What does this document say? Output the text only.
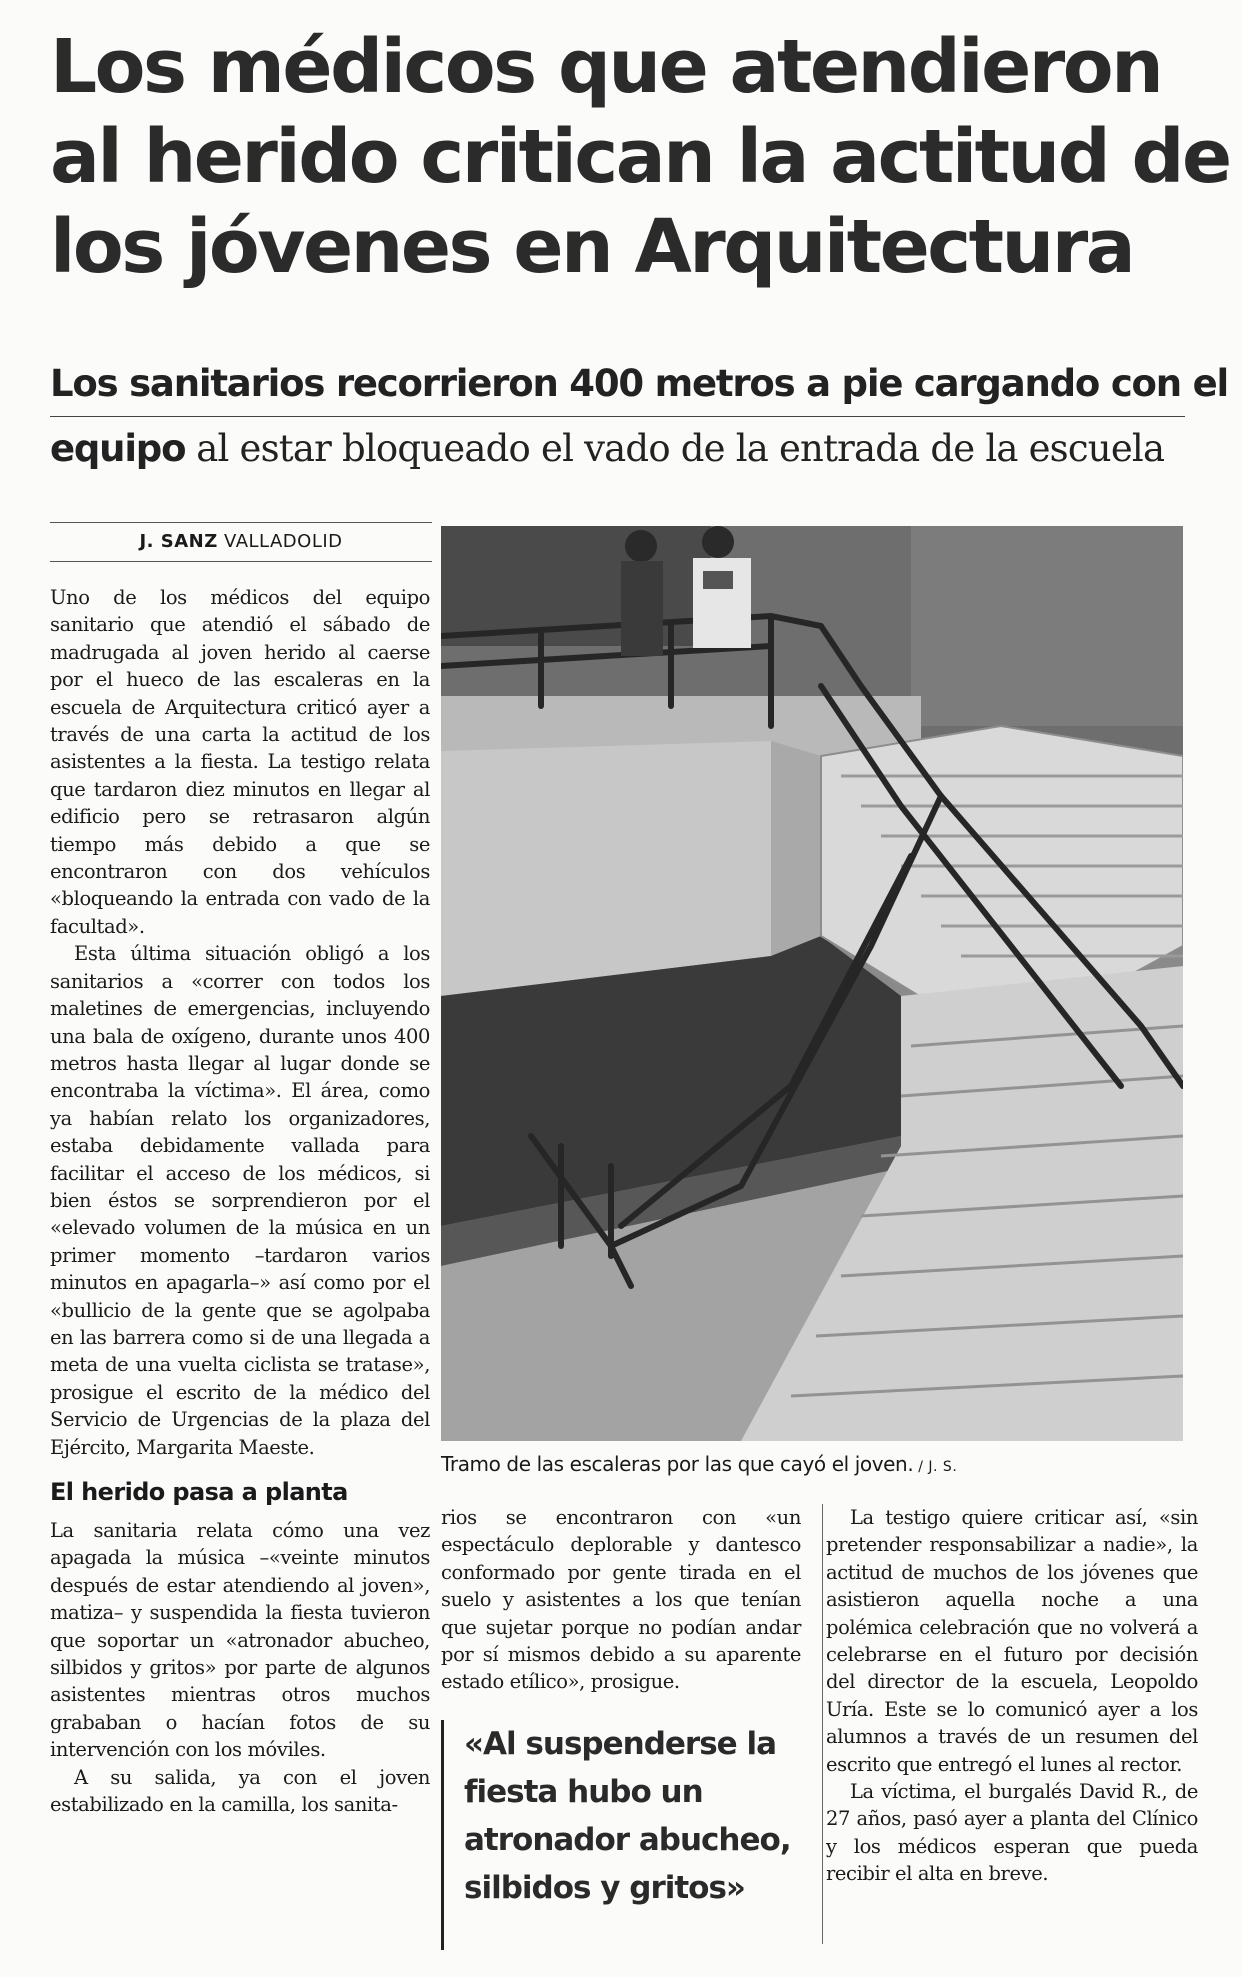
Los médicos que atendieron
al herido critican la actitud de
los jóvenes en Arquitectura
Los sanitarios recorrieron 400 metros a pie cargando con el
equipo al estar bloqueado el vado de la entrada de la escuela
J. SANZ VALLADOLID

Uno de los médicos del equipo sanitario que atendió el sábado de madrugada al joven herido al caerse por el hueco de las escaleras en la escuela de Arquitectura criticó ayer a través de una carta la actitud de los asistentes a la fiesta. La testigo relata que tardaron diez minutos en llegar al edificio pero se retrasaron algún tiempo más debido a que se encontraron con dos vehículos «bloqueando la entrada con vado de la facultad».

Esta última situación obligó a los sanitarios a «correr con todos los maletines de emergencias, incluyendo una bala de oxígeno, durante unos 400 metros hasta llegar al lugar donde se encontraba la víctima». El área, como ya habían relato los organizadores, estaba debidamente vallada para facilitar el acceso de los médicos, si bien éstos se sorprendieron por el «elevado volumen de la música en un primer momento –tardaron varios minutos en apagarla–» así como por el «bullicio de la gente que se agolpaba en las barrera como si de una llegada a meta de una vuelta ciclista se tratase», prosigue el escrito de la médico del Servicio de Urgencias de la plaza del Ejército, Margarita Maeste.

El herido pasa a planta

La sanitaria relata cómo una vez apagada la música –«veinte minutos después de estar atendiendo al joven», matiza– y suspendida la fiesta tuvieron que soportar un «atronador abucheo, silbidos y gritos» por parte de algunos asistentes mientras otros muchos grababan o hacían fotos de su intervención con los móviles.

A su salida, ya con el joven estabilizado en la camilla, los sanita-

Tramo de las escaleras por las que cayó el joven. / J. S.

rios se encontraron con «un espectáculo deplorable y dantesco conformado por gente tirada en el suelo y asistentes a los que tenían que sujetar porque no podían andar por sí mismos debido a su aparente estado etílico», prosigue.

«Al suspenderse la fiesta hubo un atronador abucheo, silbidos y gritos»

La testigo quiere criticar así, «sin pretender responsabilizar a nadie», la actitud de muchos de los jóvenes que asistieron aquella noche a una polémica celebración que no volverá a celebrarse en el futuro por decisión del director de la escuela, Leopoldo Uría. Este se lo comunicó ayer a los alumnos a través de un resumen del escrito que entregó el lunes al rector.

La víctima, el burgalés David R., de 27 años, pasó ayer a planta del Clínico y los médicos esperan que pueda recibir el alta en breve.
